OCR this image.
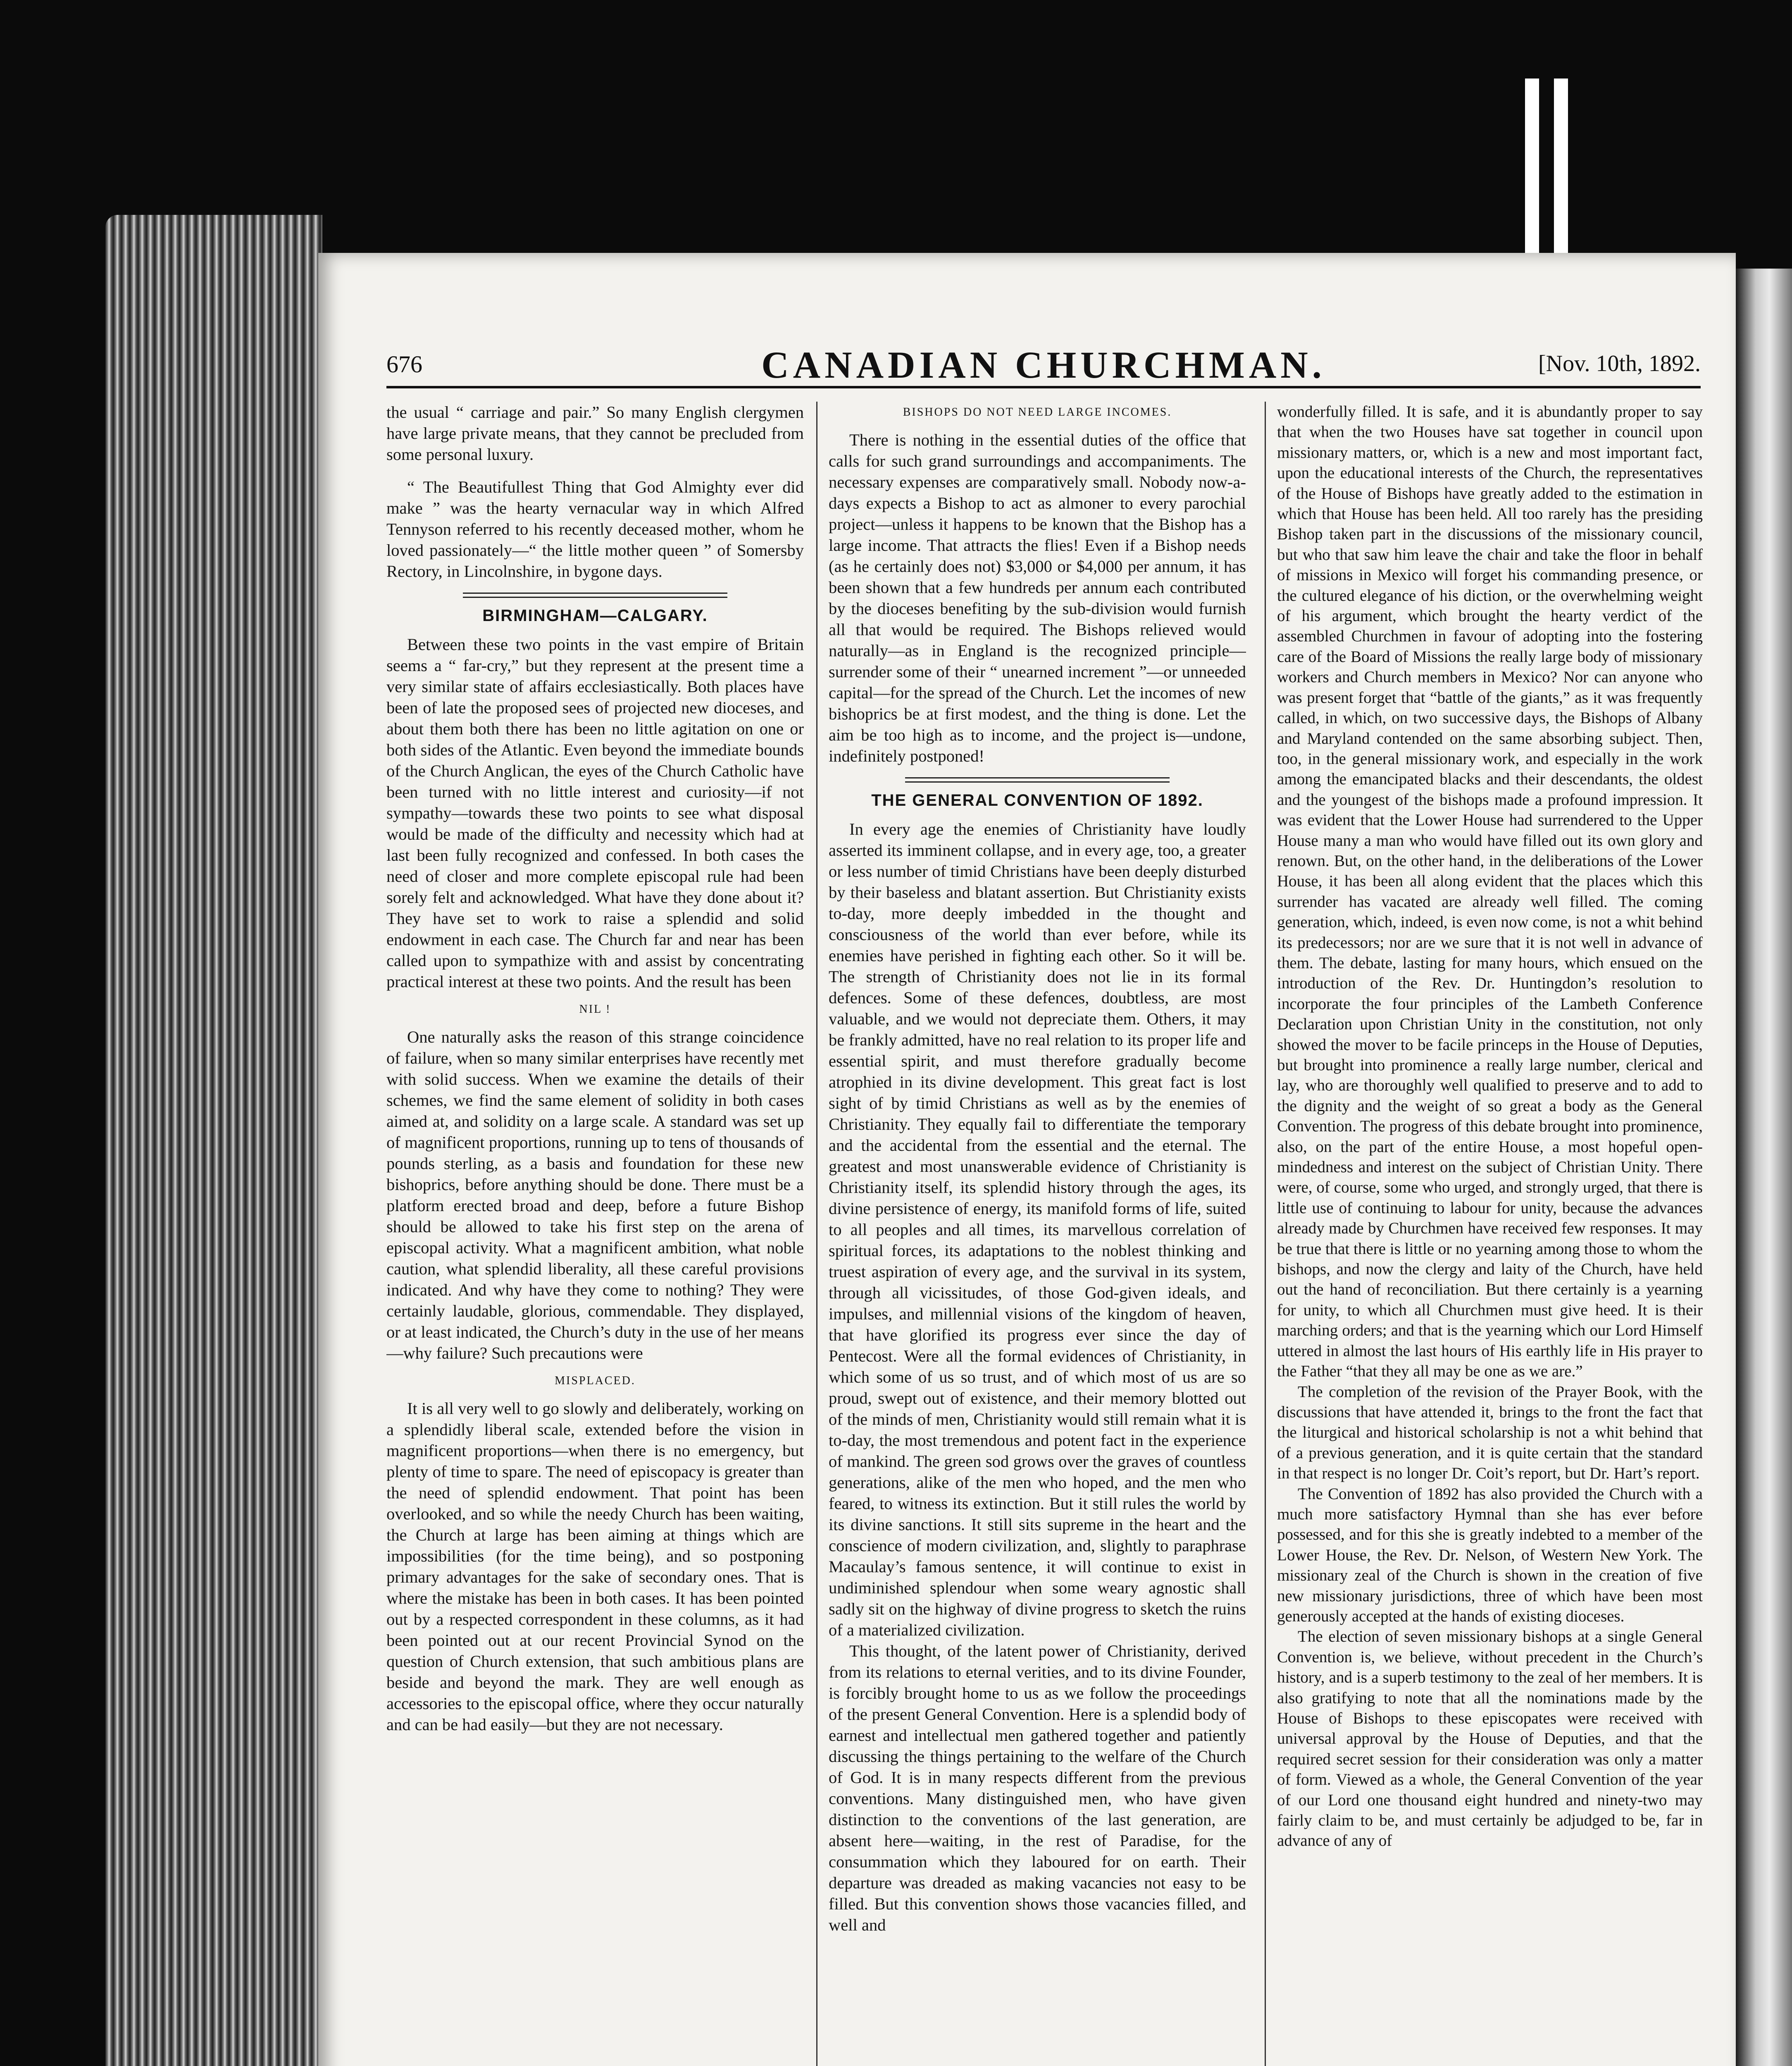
676	CANADIAN CHURCHMAN.	[Nov. 10th, 1892.

the usual “ carriage and pair.” So many English clergymen have large private means, that they cannot be precluded from some personal luxury.

“ The Beautifullest Thing that God Almighty ever did make ” was the hearty vernacular way in which Alfred Tennyson referred to his recently deceased mother, whom he loved passionately—“ the little mother queen ” of Somersby Rectory, in Lincolnshire, in bygone days.

BIRMINGHAM—CALGARY.

Between these two points in the vast empire of Britain seems a “ far-cry,” but they represent at the present time a very similar state of affairs ecclesiastically. Both places have been of late the proposed sees of projected new dioceses, and about them both there has been no little agitation on one or both sides of the Atlantic. Even beyond the immediate bounds of the Church Anglican, the eyes of the Church Catholic have been turned with no little interest and curiosity—if not sympathy—towards these two points to see what disposal would be made of the difficulty and necessity which had at last been fully recognized and confessed. In both cases the need of closer and more complete episcopal rule had been sorely felt and acknowledged. What have they done about it? They have set to work to raise a splendid and solid endowment in each case. The Church far and near has been called upon to sympathize with and assist by concentrating practical interest at these two points. And the result has been

NIL !

One naturally asks the reason of this strange coincidence of failure, when so many similar enterprises have recently met with solid success. When we examine the details of their schemes, we find the same element of solidity in both cases aimed at, and solidity on a large scale. A standard was set up of magnificent proportions, running up to tens of thousands of pounds sterling, as a basis and foundation for these new bishoprics, before anything should be done. There must be a platform erected broad and deep, before a future Bishop should be allowed to take his first step on the arena of episcopal activity. What a magnificent ambition, what noble caution, what splendid liberality, all these careful provisions indicated. And why have they come to nothing? They were certainly laudable, glorious, commendable. They displayed, or at least indicated, the Church’s duty in the use of her means—why failure? Such precautions were

MISPLACED.

It is all very well to go slowly and deliberately, working on a splendidly liberal scale, extended before the vision in magnificent proportions—when there is no emergency, but plenty of time to spare. The need of episcopacy is greater than the need of splendid endowment. That point has been overlooked, and so while the needy Church has been waiting, the Church at large has been aiming at things which are impossibilities (for the time being), and so postponing primary advantages for the sake of secondary ones. That is where the mistake has been in both cases. It has been pointed out by a respected correspondent in these columns, as it had been pointed out at our recent Provincial Synod on the question of Church extension, that such ambitious plans are beside and beyond the mark. They are well enough as accessories to the episcopal office, where they occur naturally and can be had easily—but they are not necessary.

BISHOPS DO NOT NEED LARGE INCOMES.

There is nothing in the essential duties of the office that calls for such grand surroundings and accompaniments. The necessary expenses are comparatively small. Nobody now-a-days expects a Bishop to act as almoner to every parochial project—unless it happens to be known that the Bishop has a large income. That attracts the flies! Even if a Bishop needs (as he certainly does not) $3,000 or $4,000 per annum, it has been shown that a few hundreds per annum each contributed by the dioceses benefiting by the sub-division would furnish all that would be required. The Bishops relieved would naturally—as in England is the recognized principle—surrender some of their “ unearned increment ”—or unneeded capital—for the spread of the Church. Let the incomes of new bishoprics be at first modest, and the thing is done. Let the aim be too high as to income, and the project is—undone, indefinitely postponed!

THE GENERAL CONVENTION OF 1892.

In every age the enemies of Christianity have loudly asserted its imminent collapse, and in every age, too, a greater or less number of timid Christians have been deeply disturbed by their baseless and blatant assertion. But Christianity exists to-day, more deeply imbedded in the thought and consciousness of the world than ever before, while its enemies have perished in fighting each other. So it will be. The strength of Christianity does not lie in its formal defences. Some of these defences, doubtless, are most valuable, and we would not depreciate them. Others, it may be frankly admitted, have no real relation to its proper life and essential spirit, and must therefore gradually become atrophied in its divine development. This great fact is lost sight of by timid Christians as well as by the enemies of Christianity. They equally fail to differentiate the temporary and the accidental from the essential and the eternal. The greatest and most unanswerable evidence of Christianity is Christianity itself, its splendid history through the ages, its divine persistence of energy, its manifold forms of life, suited to all peoples and all times, its marvellous correlation of spiritual forces, its adaptations to the noblest thinking and truest aspiration of every age, and the survival in its system, through all vicissitudes, of those God-given ideals, and impulses, and millennial visions of the kingdom of heaven, that have glorified its progress ever since the day of Pentecost. Were all the formal evidences of Christianity, in which some of us so trust, and of which most of us are so proud, swept out of existence, and their memory blotted out of the minds of men, Christianity would still remain what it is to-day, the most tremendous and potent fact in the experience of mankind. The green sod grows over the graves of countless generations, alike of the men who hoped, and the men who feared, to witness its extinction. But it still rules the world by its divine sanctions. It still sits supreme in the heart and the conscience of modern civilization, and, slightly to paraphrase Macaulay’s famous sentence, it will continue to exist in undiminished splendour when some weary agnostic shall sadly sit on the highway of divine progress to sketch the ruins of a materialized civilization.

This thought, of the latent power of Christianity, derived from its relations to eternal verities, and to its divine Founder, is forcibly brought home to us as we follow the proceedings of the present General Convention. Here is a splendid body of earnest and intellectual men gathered together and patiently discussing the things pertaining to the welfare of the Church of God. It is in many respects different from the previous conventions. Many distinguished men, who have given distinction to the conventions of the last generation, are absent here—waiting, in the rest of Paradise, for the consummation which they laboured for on earth. Their departure was dreaded as making vacancies not easy to be filled. But this convention shows those vacancies filled, and well and

wonderfully filled. It is safe, and it is abundantly proper to say that when the two Houses have sat together in council upon missionary matters, or, which is a new and most important fact, upon the educational interests of the Church, the representatives of the House of Bishops have greatly added to the estimation in which that House has been held. All too rarely has the presiding Bishop taken part in the discussions of the missionary council, but who that saw him leave the chair and take the floor in behalf of missions in Mexico will forget his commanding presence, or the cultured elegance of his diction, or the overwhelming weight of his argument, which brought the hearty verdict of the assembled Churchmen in favour of adopting into the fostering care of the Board of Missions the really large body of missionary workers and Church members in Mexico? Nor can anyone who was present forget that “battle of the giants,” as it was frequently called, in which, on two successive days, the Bishops of Albany and Maryland contended on the same absorbing subject. Then, too, in the general missionary work, and especially in the work among the emancipated blacks and their descendants, the oldest and the youngest of the bishops made a profound impression. It was evident that the Lower House had surrendered to the Upper House many a man who would have filled out its own glory and renown. But, on the other hand, in the deliberations of the Lower House, it has been all along evident that the places which this surrender has vacated are already well filled. The coming generation, which, indeed, is even now come, is not a whit behind its predecessors; nor are we sure that it is not well in advance of them. The debate, lasting for many hours, which ensued on the introduction of the Rev. Dr. Huntingdon’s resolution to incorporate the four principles of the Lambeth Conference Declaration upon Christian Unity in the constitution, not only showed the mover to be facile princeps in the House of Deputies, but brought into prominence a really large number, clerical and lay, who are thoroughly well qualified to preserve and to add to the dignity and the weight of so great a body as the General Convention. The progress of this debate brought into prominence, also, on the part of the entire House, a most hopeful open-mindedness and interest on the subject of Christian Unity. There were, of course, some who urged, and strongly urged, that there is little use of continuing to labour for unity, because the advances already made by Churchmen have received few responses. It may be true that there is little or no yearning among those to whom the bishops, and now the clergy and laity of the Church, have held out the hand of reconciliation. But there certainly is a yearning for unity, to which all Churchmen must give heed. It is their marching orders; and that is the yearning which our Lord Himself uttered in almost the last hours of His earthly life in His prayer to the Father “that they all may be one as we are.”

The completion of the revision of the Prayer Book, with the discussions that have attended it, brings to the front the fact that the liturgical and historical scholarship is not a whit behind that of a previous generation, and it is quite certain that the standard in that respect is no longer Dr. Coit’s report, but Dr. Hart’s report.

The Convention of 1892 has also provided the Church with a much more satisfactory Hymnal than she has ever before possessed, and for this she is greatly indebted to a member of the Lower House, the Rev. Dr. Nelson, of Western New York. The missionary zeal of the Church is shown in the creation of five new missionary jurisdictions, three of which have been most generously accepted at the hands of existing dioceses.

The election of seven missionary bishops at a single General Convention is, we believe, without precedent in the Church’s history, and is a superb testimony to the zeal of her members. It is also gratifying to note that all the nominations made by the House of Bishops to these episcopates were received with universal approval by the House of Deputies, and that the required secret session for their consideration was only a matter of form. Viewed as a whole, the General Convention of the year of our Lord one thousand eight hundred and ninety-two may fairly claim to be, and must certainly be adjudged to be, far in advance of any of
